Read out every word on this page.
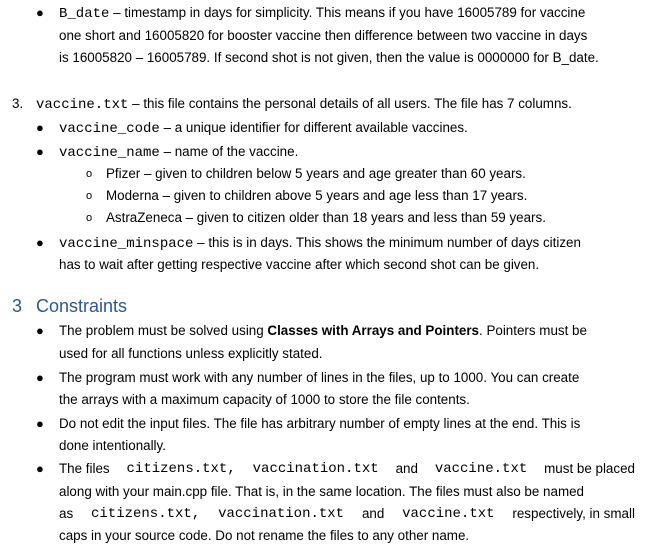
● B_date – timestamp in days for simplicity. This means if you have 16005789 for vaccine
one short and 16005820 for booster vaccine then difference between two vaccine in days
is 16005820 – 16005789. If second shot is not given, then the value is 0000000 for B_date.
3. vaccine.txt – this file contains the personal details of all users. The file has 7 columns.
● vaccine_code – a unique identifier for different available vaccines.
● vaccine_name – name of the vaccine.
o Pfizer – given to children below 5 years and age greater than 60 years.
o Moderna – given to children above 5 years and age less than 17 years.
o AstraZeneca – given to citizen older than 18 years and less than 59 years.
● vaccine_minspace – this is in days. This shows the minimum number of days citizen
has to wait after getting respective vaccine after which second shot can be given.
3 Constraints
● The problem must be solved using Classes with Arrays and Pointers. Pointers must be
used for all functions unless explicitly stated.
● The program must work with any number of lines in the files, up to 1000. You can create
the arrays with a maximum capacity of 1000 to store the file contents.
● Do not edit the input files. The file has arbitrary number of empty lines at the end. This is
done intentionally.
● The files citizens.txt, vaccination.txt and vaccine.txt must be placed
along with your main.cpp file. That is, in the same location. The files must also be named
as citizens.txt, vaccination.txt and vaccine.txt respectively, in small
caps in your source code. Do not rename the files to any other name.
